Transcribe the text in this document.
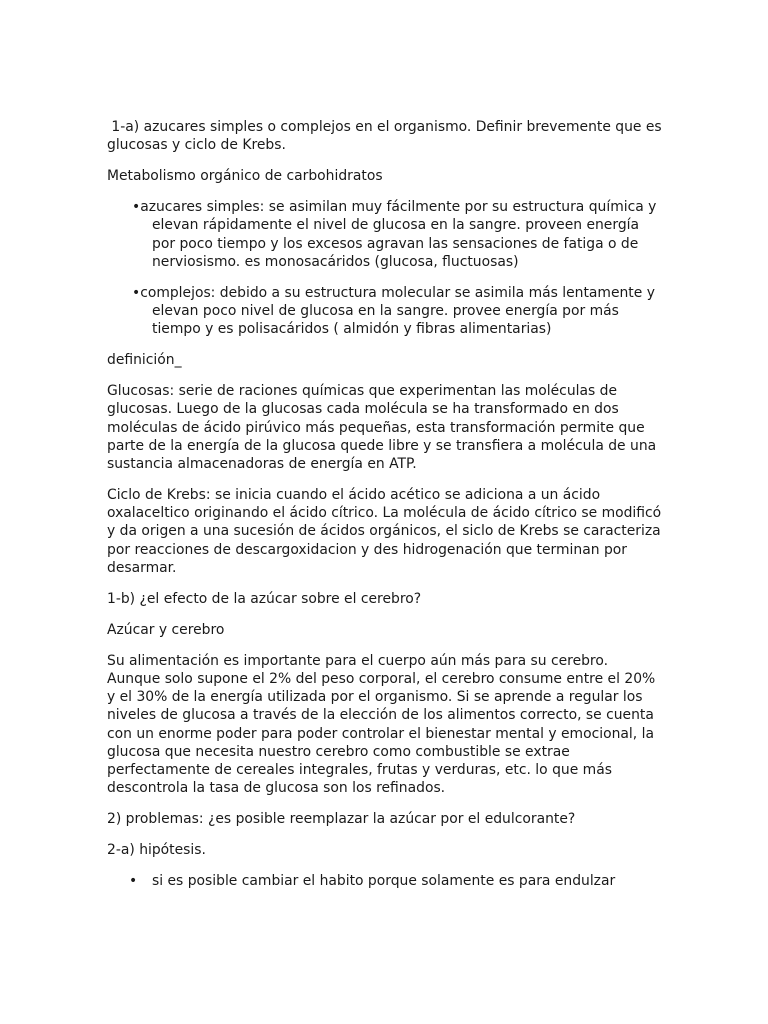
1-a) azucares simples o complejos en el organismo. Definir brevemente que es glucosas y ciclo de Krebs.

Metabolismo orgánico de carbohidratos

•azucares simples: se asimilan muy fácilmente por su estructura química y elevan rápidamente el nivel de glucosa en la sangre. proveen energía por poco tiempo y los excesos agravan las sensaciones de fatiga o de nerviosismo. es monosacáridos (glucosa, fluctuosas)

•complejos: debido a su estructura molecular se asimila más lentamente y elevan poco nivel de glucosa en la sangre. provee energía por más tiempo y es polisacáridos ( almidón y fibras alimentarias)

definición_

Glucosas: serie de raciones químicas que experimentan las moléculas de glucosas. Luego de la glucosas cada molécula se ha transformado en dos moléculas de ácido pirúvico más pequeñas, esta transformación permite que parte de la energía de la glucosa quede libre y se transfiera a molécula de una sustancia almacenadoras de energía en ATP.

Ciclo de Krebs: se inicia cuando el ácido acético se adiciona a un ácido oxalaceltico originando el ácido cítrico. La molécula de ácido cítrico se modificó y da origen a una sucesión de ácidos orgánicos, el siclo de Krebs se caracteriza por reacciones de descargoxidacion y des hidrogenación que terminan por desarmar.

1-b) ¿el efecto de la azúcar sobre el cerebro?

Azúcar y cerebro

Su alimentación es importante para el cuerpo aún más para su cerebro. Aunque solo supone el 2% del peso corporal, el cerebro consume entre el 20% y el 30% de la energía utilizada por el organismo. Si se aprende a regular los niveles de glucosa a través de la elección de los alimentos correcto, se cuenta con un enorme poder para poder controlar el bienestar mental y emocional, la glucosa que necesita nuestro cerebro como combustible se extrae perfectamente de cereales integrales, frutas y verduras, etc. lo que más descontrola la tasa de glucosa son los refinados.

2) problemas: ¿es posible reemplazar la azúcar por el edulcorante?

2-a) hipótesis.

• si es posible cambiar el habito porque solamente es para endulzar
